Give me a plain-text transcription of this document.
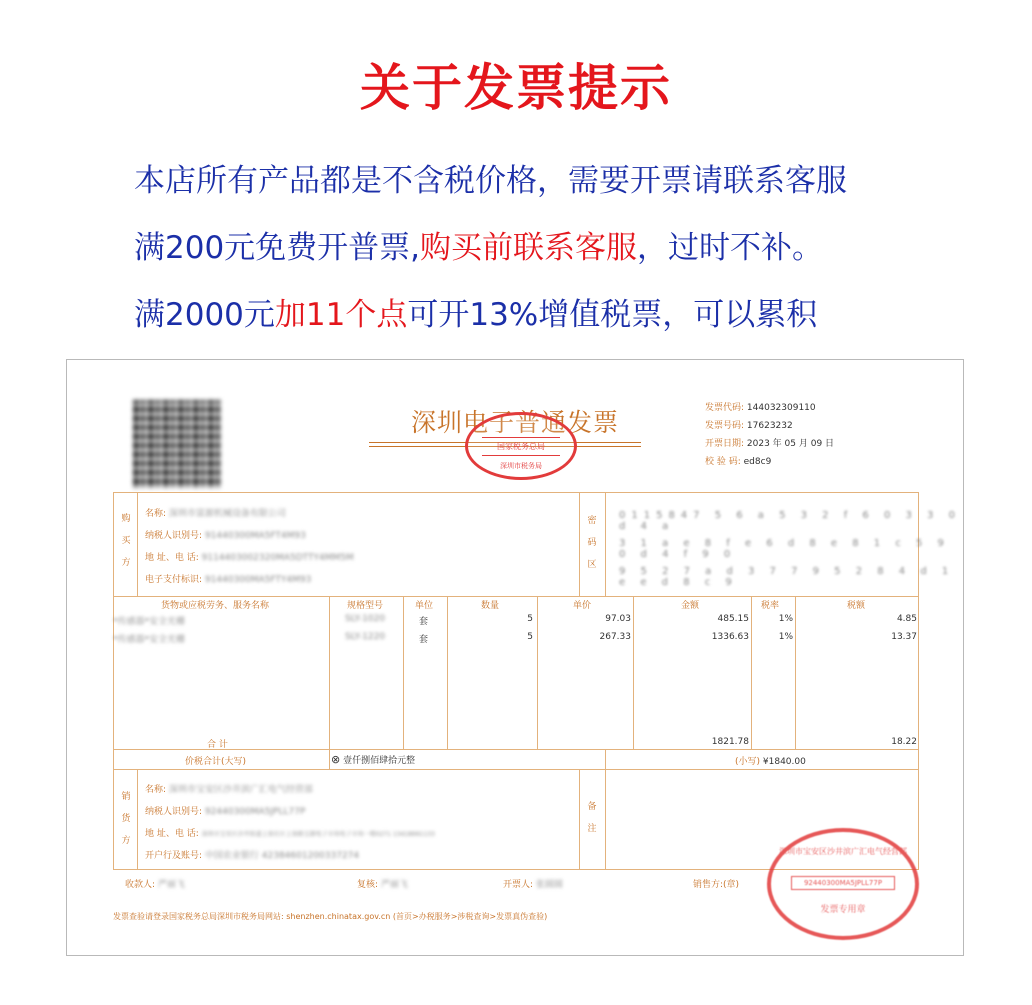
关于发票提示
本店所有产品都是不含税价格，需要开票请联系客服
满200元免费开普票,购买前联系客服，过时不补。
满2000元加11个点可开13%增值税票，可以累积
深圳电子普通发票
国家税务总局
深圳市税务局
发票代码: 144032309110
发票号码: 17623232
开票日期: 2023 年 05 月 09 日
校 验 码: ed8c9
购买方
名称: 深圳市富源机械设备有限公司
纳税人识别号: 91440300MA5FT4M93
地 址、电 话: 9114403002320MA5DTTY4MM5M
电子支付标识: 91440300MA5FTY4M93
密码区
0115847 5 6 a 5 3 2 f 6 0 3 3 0 d 4 a
3 1 a e 8 f e 6 d 8 e 8 1 c 5 9 0 d 4 f 9 0
9 5 2 7 a d 3 7 7 9 5 2 8 4 d 1 e e d 8 c 9
货物或应税劳务、服务名称	规格型号	单位	数量	单价	金额	税率	税额
*传感器*安全光栅	SLY-1020	套	5	97.03	485.15	1%	4.85
*传感器*安全光栅	SLY-1220	套	5	267.33	1336.63	1%	13.37
合 计	1821.78	18.22
价税合计(大写)	⊗ 壹仟捌佰肆拾元整	(小写) ¥1840.00
销货方
名称: 深圳市宝安区沙井滨广汇电气经营部
纳税人识别号: 92440300MA5JPLL77P
地 址、电 话: 深圳市宝安区沙井街道上寮社区上寮路宝源电子市场电子市场一楼0271 13418991133
开户行及账号: 中国农业银行 42384601200337274
备注
收款人: 严丽飞	复核: 严丽飞	开票人: 张圆圆	销售方:(章)
发票查验请登录国家税务总局深圳市税务局网站: shenzhen.chinatax.gov.cn (首页>办税服务>涉税查询>发票真伪查验)
深圳市宝安区沙井滨广汇电气经营部
92440300MA5JPLL77P
发票专用章
